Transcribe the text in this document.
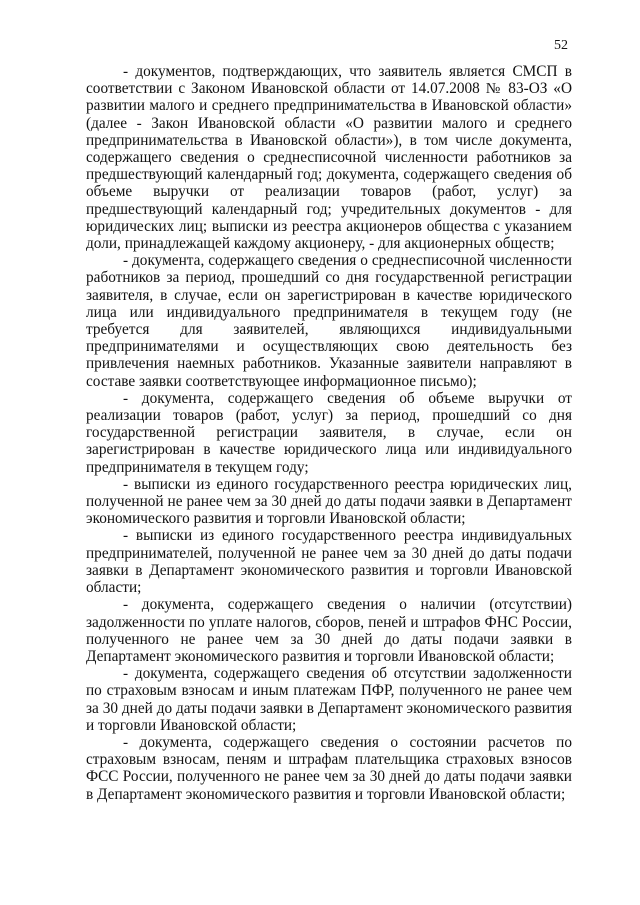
52

- документов, подтверждающих, что заявитель является СМСП в соответствии с Законом Ивановской области от 14.07.2008 № 83-ОЗ «О развитии малого и среднего предпринимательства в Ивановской области» (далее - Закон Ивановской области «О развитии малого и среднего предпринимательства в Ивановской области»), в том числе документа, содержащего сведения о среднесписочной численности работников за предшествующий календарный год; документа, содержащего сведения об объеме выручки от реализации товаров (работ, услуг) за предшествующий календарный год; учредительных документов - для юридических лиц; выписки из реестра акционеров общества с указанием доли, принадлежащей каждому акционеру, - для акционерных обществ;

- документа, содержащего сведения о среднесписочной численности работников за период, прошедший со дня государственной регистрации заявителя, в случае, если он зарегистрирован в качестве юридического лица или индивидуального предпринимателя в текущем году (не требуется для заявителей, являющихся индивидуальными предпринимателями и осуществляющих свою деятельность без привлечения наемных работников. Указанные заявители направляют в составе заявки соответствующее информационное письмо);

- документа, содержащего сведения об объеме выручки от реализации товаров (работ, услуг) за период, прошедший со дня государственной регистрации заявителя, в случае, если он зарегистрирован в качестве юридического лица или индивидуального предпринимателя в текущем году;

- выписки из единого государственного реестра юридических лиц, полученной не ранее чем за 30 дней до даты подачи заявки в Департамент экономического развития и торговли Ивановской области;

- выписки из единого государственного реестра индивидуальных предпринимателей, полученной не ранее чем за 30 дней до даты подачи заявки в Департамент экономического развития и торговли Ивановской области;

- документа, содержащего сведения о наличии (отсутствии) задолженности по уплате налогов, сборов, пеней и штрафов ФНС России, полученного не ранее чем за 30 дней до даты подачи заявки в Департамент экономического развития и торговли Ивановской области;

- документа, содержащего сведения об отсутствии задолженности по страховым взносам и иным платежам ПФР, полученного не ранее чем за 30 дней до даты подачи заявки в Департамент экономического развития и торговли Ивановской области;

- документа, содержащего сведения о состоянии расчетов по страховым взносам, пеням и штрафам плательщика страховых взносов ФСС России, полученного не ранее чем за 30 дней до даты подачи заявки в Департамент экономического развития и торговли Ивановской области;
